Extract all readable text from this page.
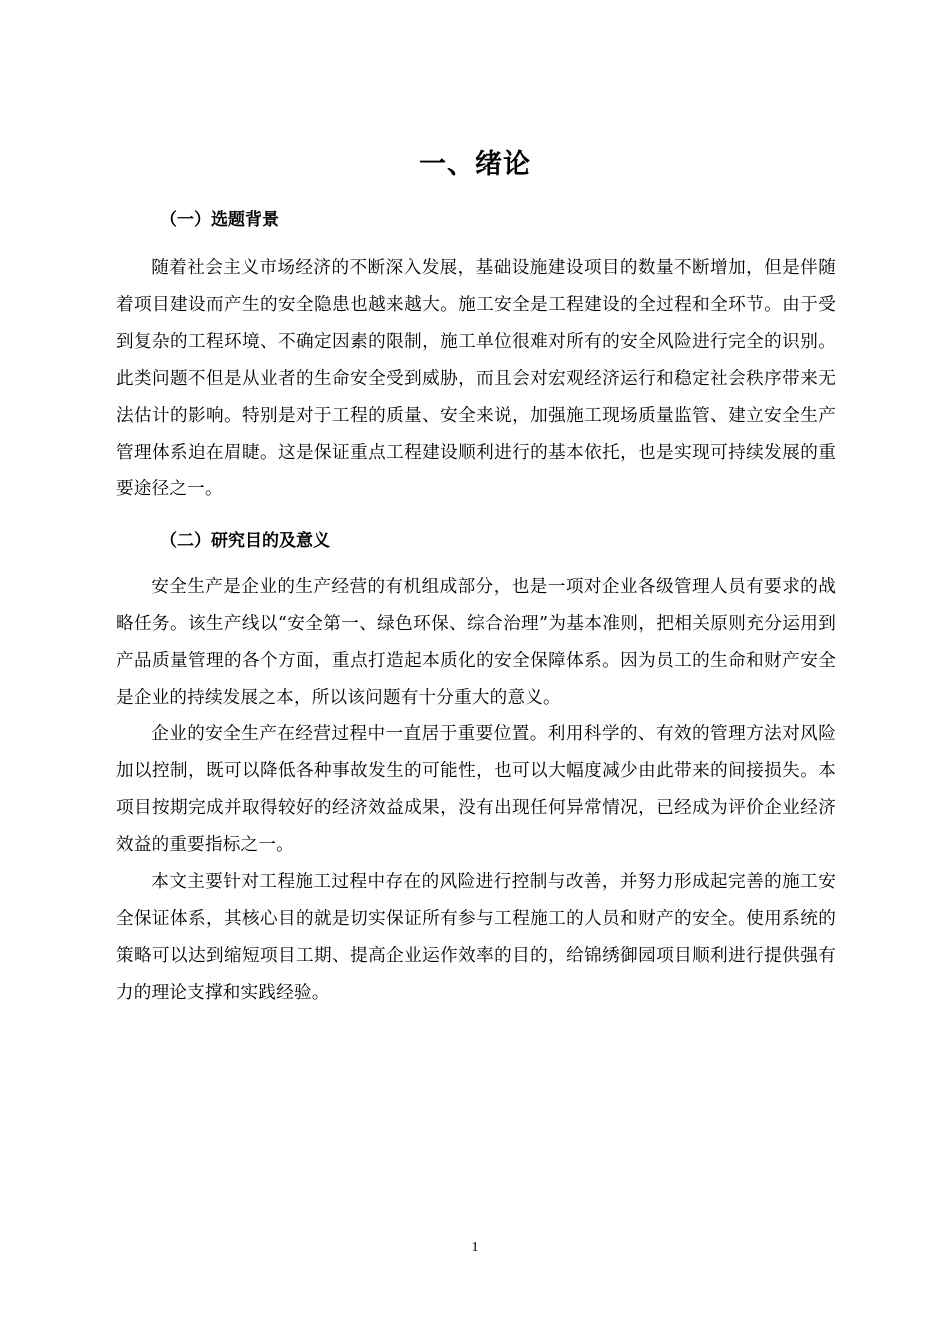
一、绪论
（一）选题背景

随着社会主义市场经济的不断深入发展，基础设施建设项目的数量不断增加，但是伴随着项目建设而产生的安全隐患也越来越大。施工安全是工程建设的全过程和全环节。由于受到复杂的工程环境、不确定因素的限制，施工单位很难对所有的安全风险进行完全的识别。此类问题不但是从业者的生命安全受到威胁，而且会对宏观经济运行和稳定社会秩序带来无法估计的影响。特别是对于工程的质量、安全来说，加强施工现场质量监管、建立安全生产管理体系迫在眉睫。这是保证重点工程建设顺利进行的基本依托，也是实现可持续发展的重要途径之一。

（二）研究目的及意义

安全生产是企业的生产经营的有机组成部分，也是一项对企业各级管理人员有要求的战略任务。该生产线以“安全第一、绿色环保、综合治理”为基本准则，把相关原则充分运用到产品质量管理的各个方面，重点打造起本质化的安全保障体系。因为员工的生命和财产安全是企业的持续发展之本，所以该问题有十分重大的意义。

企业的安全生产在经营过程中一直居于重要位置。利用科学的、有效的管理方法对风险加以控制，既可以降低各种事故发生的可能性，也可以大幅度减少由此带来的间接损失。本项目按期完成并取得较好的经济效益成果，没有出现任何异常情况，已经成为评价企业经济效益的重要指标之一。

本文主要针对工程施工过程中存在的风险进行控制与改善，并努力形成起完善的施工安全保证体系，其核心目的就是切实保证所有参与工程施工的人员和财产的安全。使用系统的策略可以达到缩短项目工期、提高企业运作效率的目的，给锦绣御园项目顺利进行提供强有力的理论支撑和实践经验。

1
